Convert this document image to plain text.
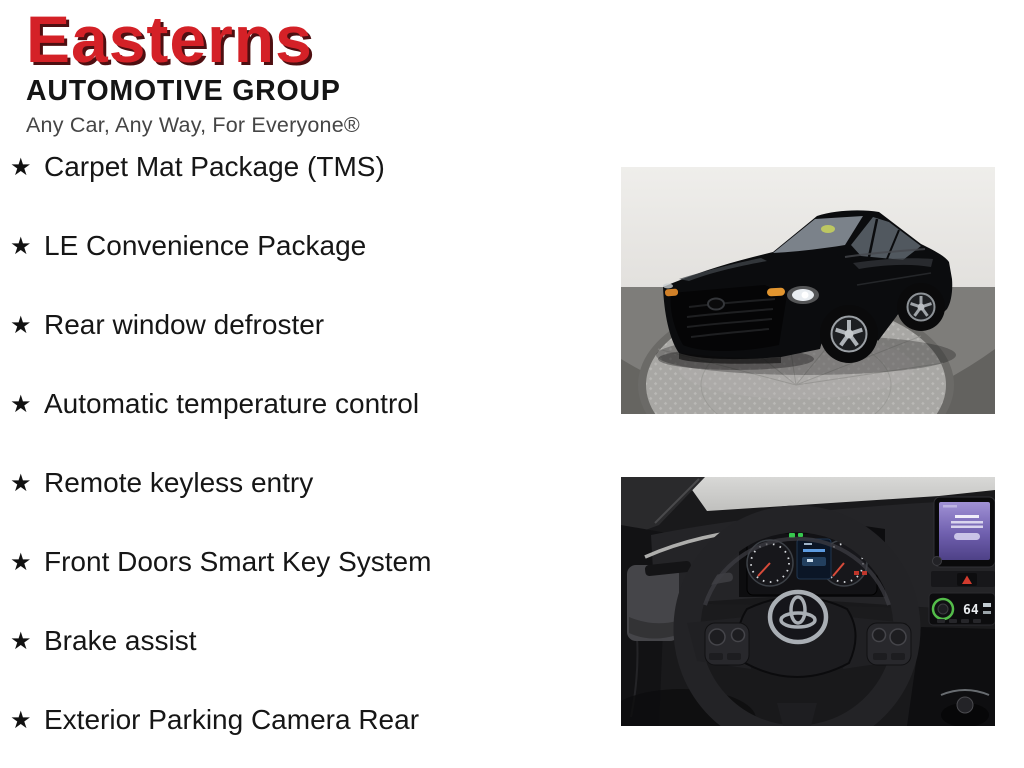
Easterns
AUTOMOTIVE GROUP
Any Car, Any Way, For Everyone®
★ Carpet Mat Package (TMS)
★ LE Convenience Package
★ Rear window defroster
★ Automatic temperature control
★ Remote keyless entry
★ Front Doors Smart Key System
★ Brake assist
★ Exterior Parking Camera Rear
64
